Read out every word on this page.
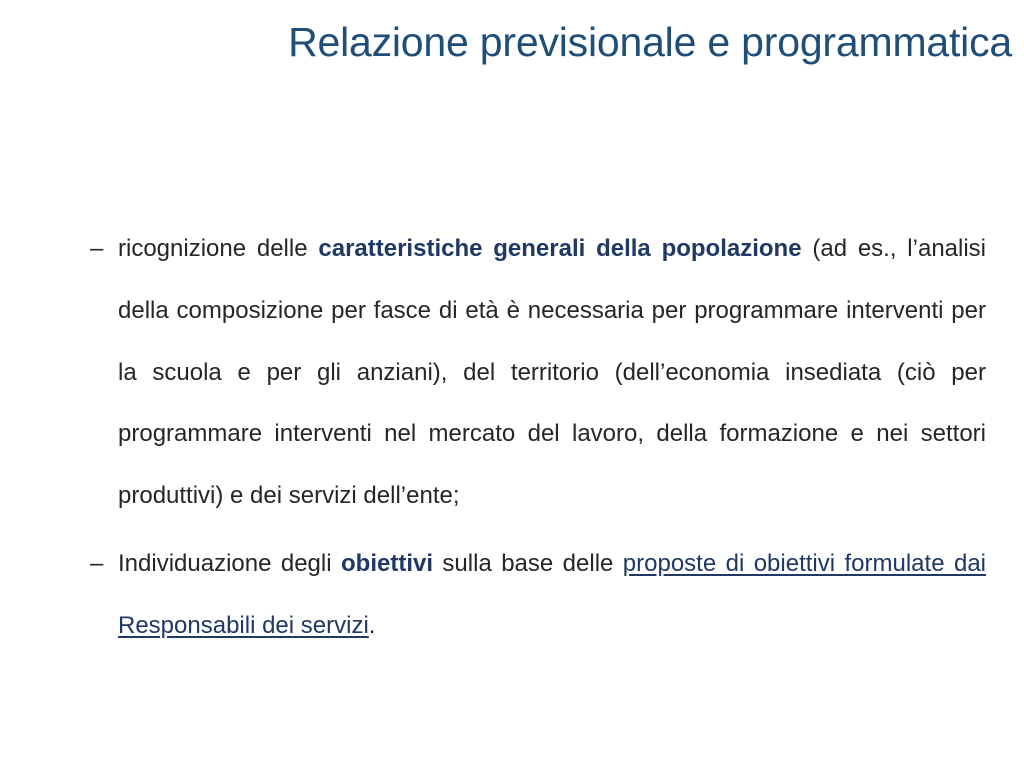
Relazione previsionale e programmatica
– ricognizione delle caratteristiche generali della popolazione (ad es., l’analisi della composizione per fasce di età è necessaria per programmare interventi per la scuola e per gli anziani), del territorio (dell’economia insediata (ciò per programmare interventi nel mercato del lavoro, della formazione e nei settori produttivi) e dei servizi dell’ente;
– Individuazione degli obiettivi sulla base delle proposte di obiettivi formulate dai Responsabili dei servizi.
